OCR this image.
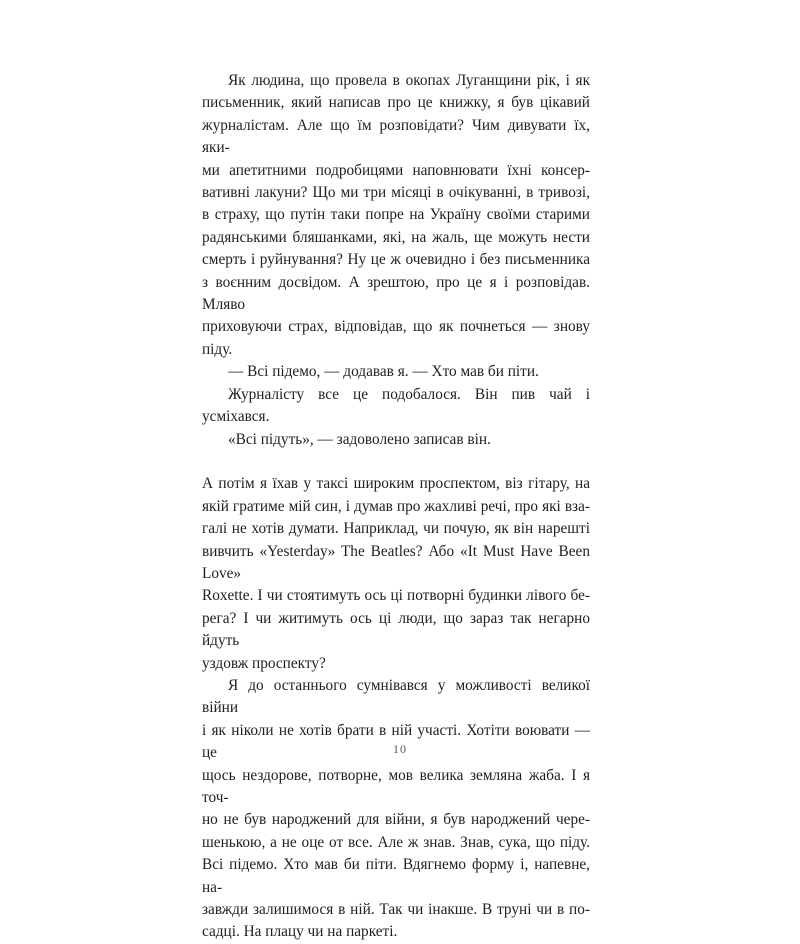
Як людина, що провела в окопах Луганщини рік, і як

письменник, який написав про це книжку, я був цікавий

журналістам. Але що їм розповідати? Чим дивувати їх, яки-

ми апетитними подробицями наповнювати їхні консер-

вативні лакуни? Що ми три місяці в очікуванні, в тривозі,

в страху, що путін таки попре на Україну своїми старими

радянськими бляшанками, які, на жаль, ще можуть нести

смерть і руйнування? Ну це ж очевидно і без письменника

з воєнним досвідом. А зрештою, про це я і розповідав. Мляво

приховуючи страх, відповідав, що як почнеться — знову піду.

— Всі підемо, — додавав я. — Хто мав би піти.

Журналісту все це подобалося. Він пив чай і усміхався.

«Всі підуть», — задоволено записав він.

А потім я їхав у таксі широким проспектом, віз гітару, на

якій гратиме мій син, і думав про жахливі речі, про які взa-

галі не хотів думати. Наприклад, чи почую, як він нарешті

вивчить «Yesterday» The Beatles? Або «It Must Have Been Love»

Roxette. І чи стоятимуть ось ці потворні будинки лівого бе-

рега? І чи житимуть ось ці люди, що зараз так негарно йдуть

уздовж проспекту?

Я до останнього сумнівався у можливості великої війни

і як ніколи не хотів брати в ній участі. Хотіти воювати — це

щось нездорове, потворне, мов велика земляна жаба. І я точ-

но не був народжений для війни, я був народжений чере-

шенькою, а не оце от все. Але ж знав. Знав, сука, що піду.

Всі підемо. Хто мав би піти. Вдягнемо форму і, напевне, на-

завжди залишимося в ній. Так чи інакше. В труні чи в по-

садці. На плацу чи на паркеті.

10
